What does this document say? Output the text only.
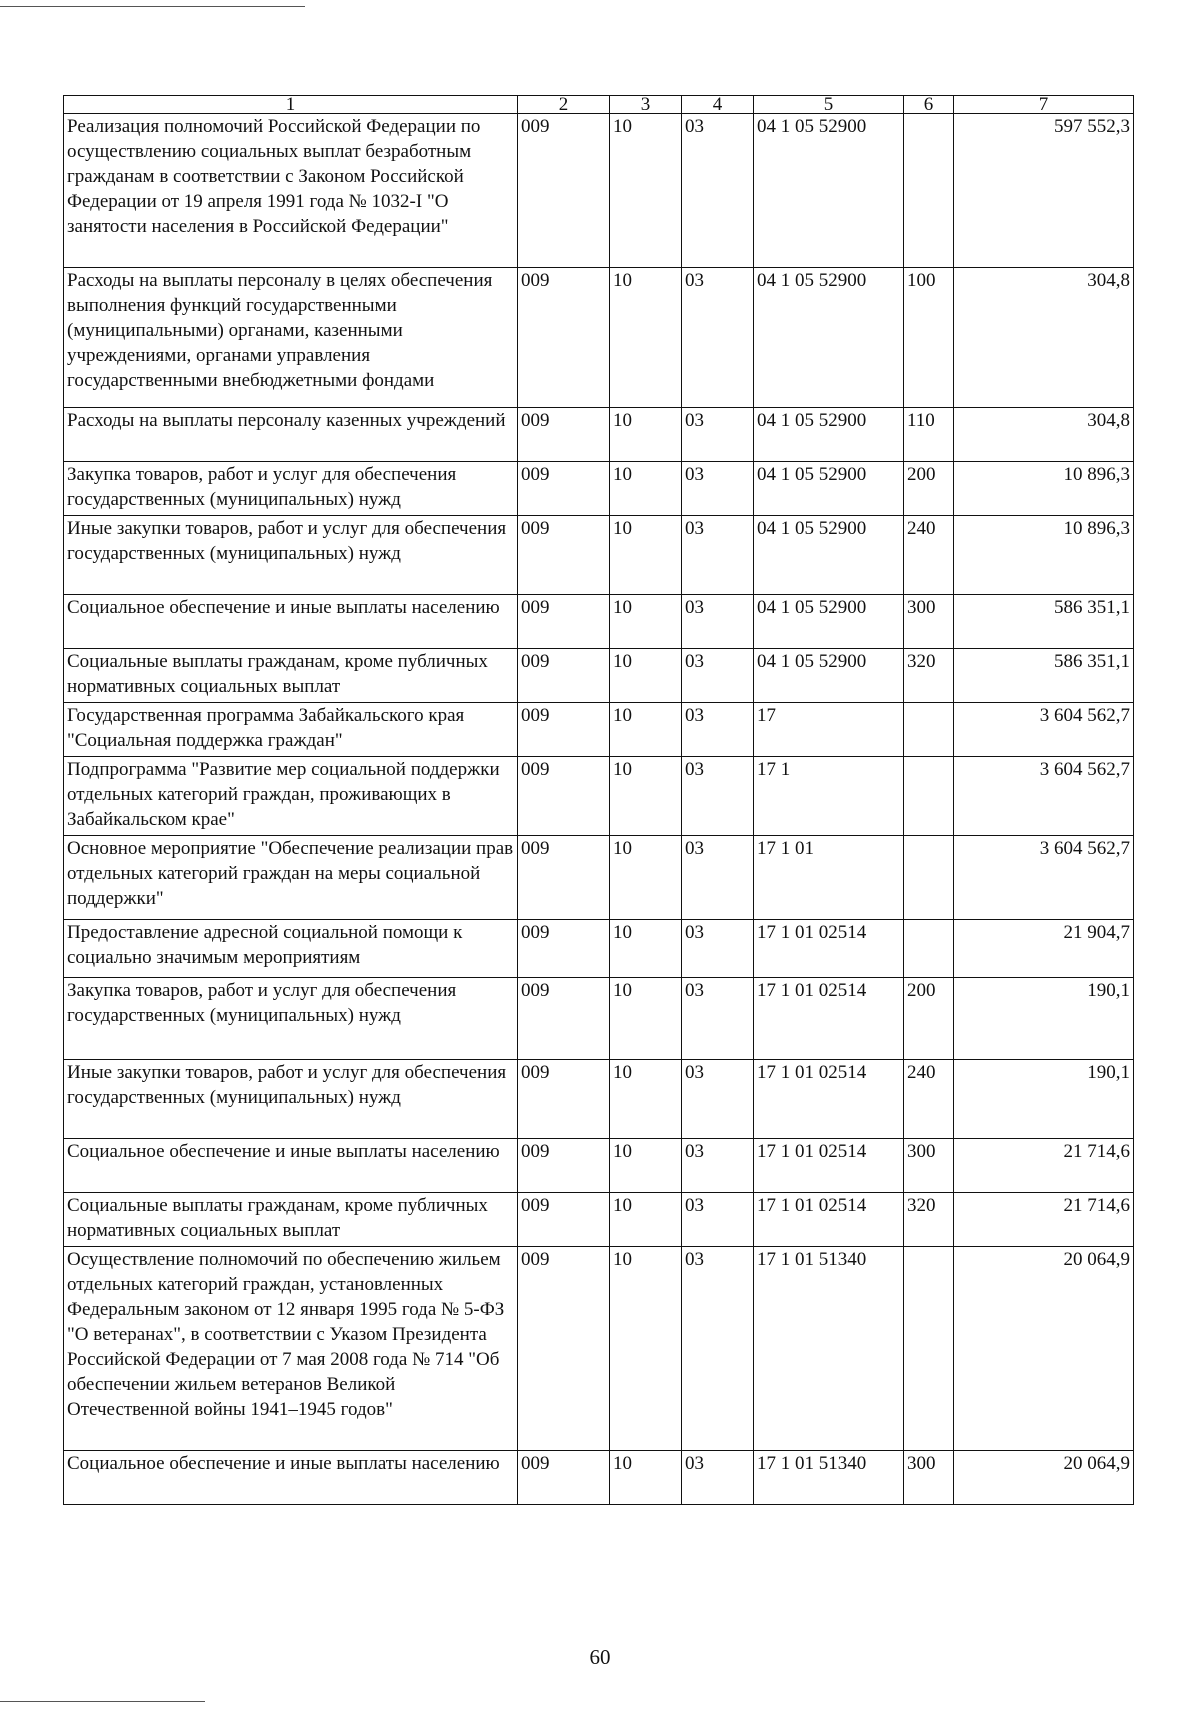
1	2	3	4	5	6	7
Реализация полномочий Российской Федерации по осуществлению социальных выплат безработным гражданам в соответствии с Законом Российской Федерации от 19 апреля 1991 года № 1032-I "О занятости населения в Российской Федерации"	009	10	03	04 1 05 52900		597 552,3
Расходы на выплаты персоналу в целях обеспечения выполнения функций государственными (муниципальными) органами, казенными учреждениями, органами управления государственными внебюджетными фондами	009	10	03	04 1 05 52900	100	304,8
Расходы на выплаты персоналу казенных учреждений	009	10	03	04 1 05 52900	110	304,8
Закупка товаров, работ и услуг для обеспечения государственных (муниципальных) нужд	009	10	03	04 1 05 52900	200	10 896,3
Иные закупки товаров, работ и услуг для обеспечения государственных (муниципальных) нужд	009	10	03	04 1 05 52900	240	10 896,3
Социальное обеспечение и иные выплаты населению	009	10	03	04 1 05 52900	300	586 351,1
Социальные выплаты гражданам, кроме публичных нормативных социальных выплат	009	10	03	04 1 05 52900	320	586 351,1
Государственная программа Забайкальского края "Социальная поддержка граждан"	009	10	03	17		3 604 562,7
Подпрограмма "Развитие мер социальной поддержки отдельных категорий граждан, проживающих в Забайкальском крае"	009	10	03	17 1		3 604 562,7
Основное мероприятие "Обеспечение реализации прав отдельных категорий граждан на меры социальной поддержки"	009	10	03	17 1 01		3 604 562,7
Предоставление адресной социальной помощи к социально значимым мероприятиям	009	10	03	17 1 01 02514		21 904,7
Закупка товаров, работ и услуг для обеспечения государственных (муниципальных) нужд	009	10	03	17 1 01 02514	200	190,1
Иные закупки товаров, работ и услуг для обеспечения государственных (муниципальных) нужд	009	10	03	17 1 01 02514	240	190,1
Социальное обеспечение и иные выплаты населению	009	10	03	17 1 01 02514	300	21 714,6
Социальные выплаты гражданам, кроме публичных нормативных социальных выплат	009	10	03	17 1 01 02514	320	21 714,6
Осуществление полномочий по обеспечению жильем отдельных категорий граждан, установленных Федеральным законом от 12 января 1995 года № 5-ФЗ "О ветеранах", в соответствии с Указом Президента Российской Федерации от 7 мая 2008 года № 714 "Об обеспечении жильем ветеранов Великой Отечественной войны 1941–1945 годов"	009	10	03	17 1 01 51340		20 064,9
Социальное обеспечение и иные выплаты населению	009	10	03	17 1 01 51340	300	20 064,9
60
